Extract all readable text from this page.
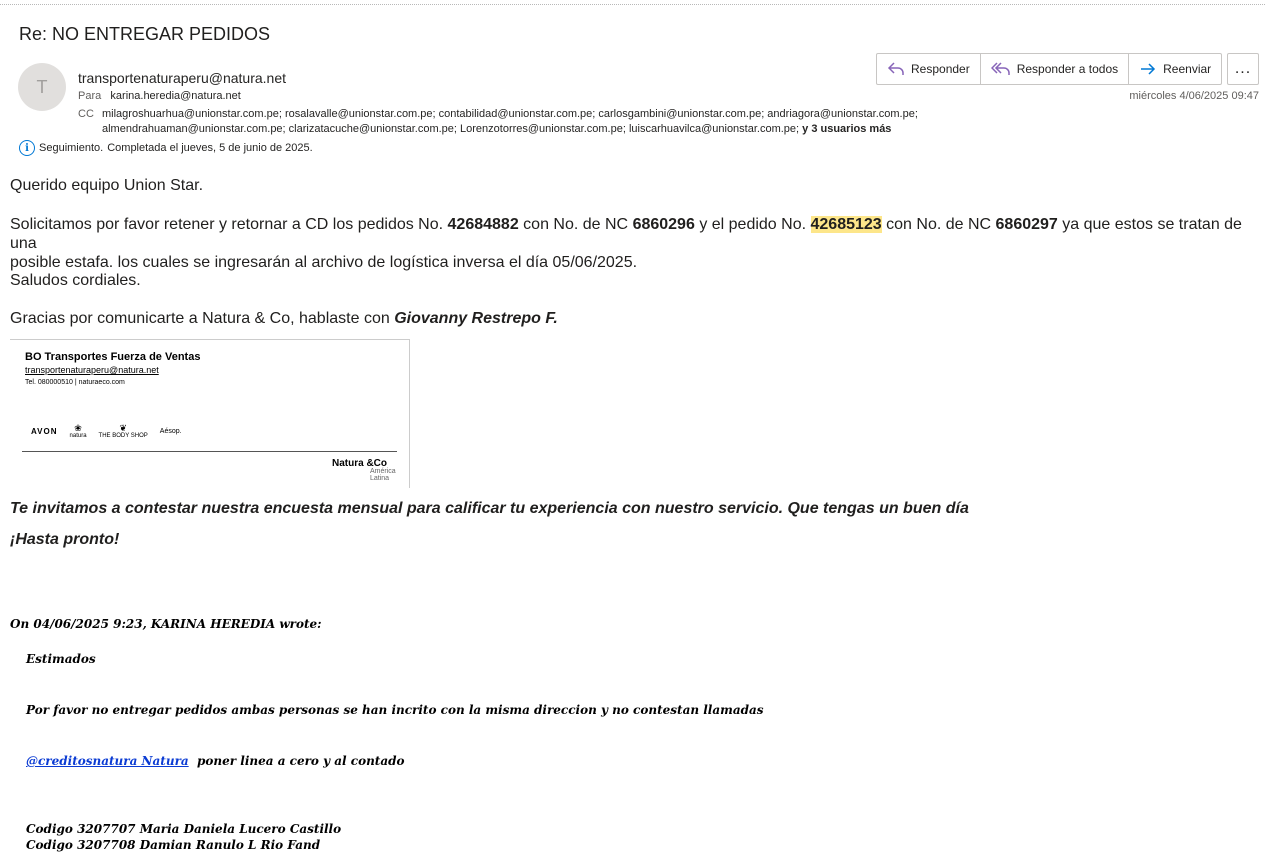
Re: NO ENTREGAR PEDIDOS
T	transportenaturaperu@natura.net
Para karina.heredia@natura.net
CC milagroshuarhua@unionstar.com.pe; rosalavalle@unionstar.com.pe; contabilidad@unionstar.com.pe; carlosgambini@unionstar.com.pe; andriagora@unionstar.com.pe;
almendrahuaman@unionstar.com.pe; clarizatacuche@unionstar.com.pe; Lorenzotorres@unionstar.com.pe; luiscarhuavilca@unionstar.com.pe; y 3 usuarios más
i Seguimiento. Completada el jueves, 5 de junio de 2025.
Responder	Responder a todos	Reenviar ...
miércoles 4/06/2025 09:47
Querido equipo Union Star.
Solicitamos por favor retener y retornar a CD los pedidos No. 42684882 con No. de NC 6860296 y el pedido No. 42685123 con No. de NC 6860297 ya que estos se tratan de una
posible estafa. los cuales se ingresarán al archivo de logística inversa el día 05/06/2025.
Saludos cordiales.
Gracias por comunicarte a Natura & Co, hablaste con Giovanny Restrepo F.
BO Transportes Fuerza de Ventas
transportenaturaperu@natura.net
Tel. 080000510 | naturaeco.com
AVON ❀
natura
❦
THE BODY SHOP
Aésop.
Natura &Co
América
Latina
Te invitamos a contestar nuestra encuesta mensual para calificar tu experiencia con nuestro servicio. Que tengas un buen día
¡Hasta pronto!
On 04/06/2025 9:23, KARINA HEREDIA wrote:
Estimados
Por favor no entregar pedidos ambas personas se han incrito con la misma direccion y no contestan llamadas
@creditosnatura Natura poner linea a cero y al contado
Codigo 3207707 Maria Daniela Lucero Castillo
Codigo 3207708 Damian Ranulo L Rio Fand
